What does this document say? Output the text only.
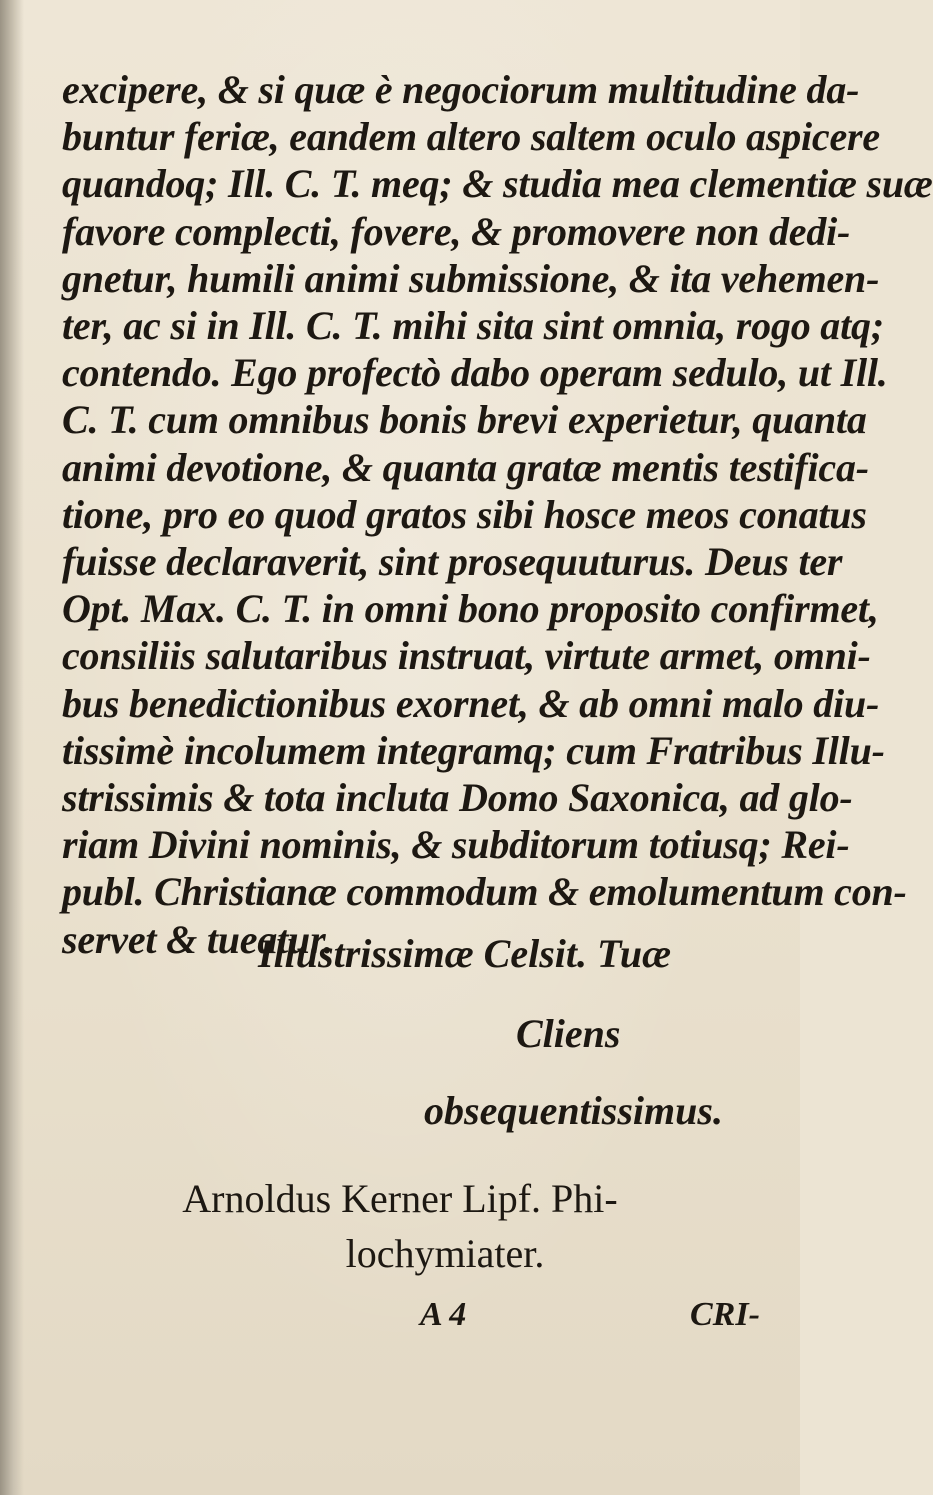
excipere, & si quæ è negociorum multitudine da-
buntur feriæ, eandem altero saltem oculo aspicere
quandoq; Ill. C. T. meq; & studia mea clementiæ suæ
favore complecti, fovere, & promovere non dedi-
gnetur, humili animi submissione, & ita vehemen-
ter, ac si in Ill. C. T. mihi sita sint omnia, rogo atq;
contendo. Ego profectò dabo operam sedulo, ut Ill.
C. T. cum omnibus bonis brevi experietur, quanta
animi devotione, & quanta gratæ mentis testifica-
tione, pro eo quod gratos sibi hosce meos conatus
fuisse declaraverit, sint prosequuturus. Deus ter
Opt. Max. C. T. in omni bono proposito confirmet,
consiliis salutaribus instruat, virtute armet, omni-
bus benedictionibus exornet, & ab omni malo diu-
tissimè incolumem integramq; cum Fratribus Illu-
strissimis & tota incluta Domo Saxonica, ad glo-
riam Divini nominis, & subditorum totiusq; Rei-
publ. Christianæ commodum & emolumentum con-
servet & tueatur.
Illustrissimæ Celsit. Tuæ
Cliens
obsequentissimus.
Arnoldus Kerner Lipf. Phi-
lochymiater.
A 4	CRI-
